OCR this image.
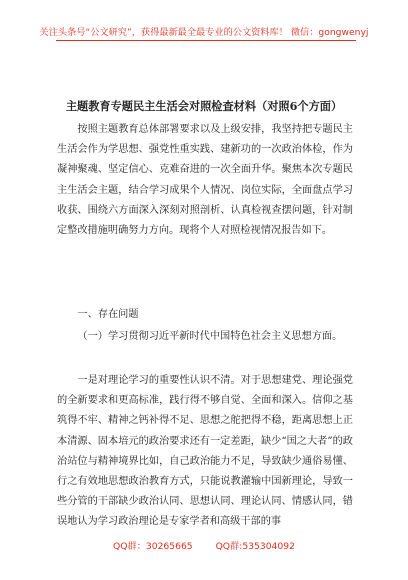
关注头条号“公文研究”，获得最新最全最专业的公文资料库！ 微信：gongwenyj
主题教育专题民主生活会对照检查材料（对照6个方面）

按照主题教育总体部署要求以及上级安排，我坚持把专题民主生活会作为学思想、强党性重实践、建新功的一次政治体检，作为凝神聚魂、坚定信心、克难奋进的一次全面升华。聚焦本次专题民主生活会主题，结合学习成果个人情况、岗位实际，全面盘点学习收获、围绕六方面深入深刻对照剖析、认真检视查摆问题，针对制定整改措施明确努力方向。现将个人对照检视情况报告如下。

一、存在问题

（一）学习贯彻习近平新时代中国特色社会主义思想方面。

一是对理论学习的重要性认识不清。对于思想建党、理论强党的全新要求和更高标准，践行得不够自觉、全面和深入。信仰之基筑得不牢、精神之钙补得不足、思想之舵把得不稳，距离思想上正本清源、固本培元的政治要求还有一定差距，缺少“国之大者”的政治站位与精神境界比如，自己政治能力不足，导致缺少通俗易懂、行之有效地思想政治教育方式，只能说教灌输中国新理论，导致一些分管的干部缺少政治认同、思想认同、理论认同、情感认同，错误地认为学习政治理论是专家学者和高级干部的事

QQ群：30265665 QQ群:535304092
